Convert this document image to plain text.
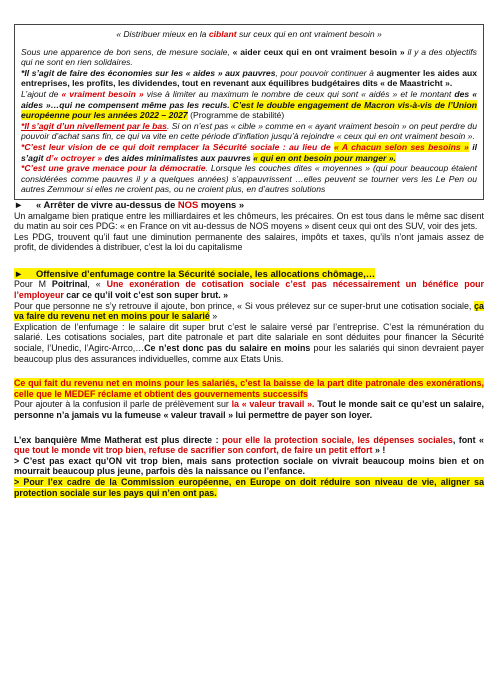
« Distribuer mieux en la ciblant sur ceux qui en ont vraiment besoin »

Sous une apparence de bon sens, de mesure sociale, « aider ceux qui en ont vraiment besoin » il y a des objectifs qui ne sont en rien solidaires.

*Il s’agit de faire des économies sur les « aides » aux pauvres, pour pouvoir continuer à augmenter les aides aux entreprises, les profits, les dividendes, tout en revenant aux équilibres budgétaires dits « de Maastricht ».

L’ajout de « vraiment besoin » vise à limiter au maximum le nombre de ceux qui sont « aidés » et le montant des « aides »…qui ne compensent même pas les reculs. C’est le double engagement de Macron vis-à-vis de l’Union européenne pour les années 2022 – 2027 (Programme de stabilité)

*Il s’agit d’un nivellement par le bas. Si on n’est pas « cible » comme en « ayant vraiment besoin » on peut perdre du pouvoir d’achat sans fin, ce qui va vite en cette période d’inflation jusqu’à rejoindre « ceux qui en ont vraiment besoin ».

*C’est leur vision de ce qui doit remplacer la Sécurité sociale : au lieu de « A chacun selon ses besoins » il s’agit d’« octroyer » des aides minimalistes aux pauvres « qui en ont besoin pour manger ».

*C’est une grave menace pour la démocratie. Lorsque les couches dites « moyennes » (qui pour beaucoup étaient considérées comme pauvres il y a quelques années) s’appauvrissent …elles peuvent se tourner vers les Le Pen ou autres Zemmour si elles ne croient pas, ou ne croient plus, en d’autres solutions

► « Arrêter de vivre au-dessus de NOS moyens »

Un amalgame bien pratique entre les milliardaires et les chômeurs, les précaires. On est tous dans le même sac disent du matin au soir ces PDG: « en France on vit au-dessus de NOS moyens » disent ceux qui ont des SUV, voir des jets.

Les PDG, trouvent qu’il faut une diminution permanente des salaires, impôts et taxes, qu’ils n’ont jamais assez de profit, de dividendes à distribuer, c’est la loi du capitalisme

► Offensive d’enfumage contre la Sécurité sociale, les allocations chômage,…

Pour M Poitrinal, « Une exonération de cotisation sociale c’est pas nécessairement un bénéfice pour l’employeur car ce qu’il voit c’est son super brut. »

Pour que personne ne s’y retrouve il ajoute, bon prince, « Si vous prélevez sur ce super-brut une cotisation sociale, ça va faire du revenu net en moins pour le salarié »

Explication de l’enfumage : le salaire dit super brut c’est le salaire versé par l’entreprise. C’est la rémunération du salarié. Les cotisations sociales, part dite patronale et part dite salariale en sont déduites pour financer la Sécurité sociale, l’Unedic, l’Agirc-Arrco,…Ce n’est donc pas du salaire en moins pour les salariés qui sinon devraient payer beaucoup plus des assurances individuelles, comme aux Etats Unis.

Ce qui fait du revenu net en moins pour les salariés, c’est la baisse de la part dite patronale des exonérations, celle que le MEDEF réclame et obtient des gouvernements successifs

Pour ajouter à la confusion il parle de prélèvement sur la « valeur travail ». Tout le monde sait ce qu’est un salaire, personne n’a jamais vu la fumeuse « valeur travail » lui permettre de payer son loyer.

L’ex banquière Mme Matherat est plus directe : pour elle la protection sociale, les dépenses sociales, font « que tout le monde vit trop bien, refuse de sacrifier son confort, de faire un petit effort » !

> C’est pas exact qu’ON vit trop bien, mais sans protection sociale on vivrait beaucoup moins bien et on mourrait beaucoup plus jeune, parfois dès la naissance ou l’enfance.

> Pour l’ex cadre de la Commission européenne, en Europe on doit réduire son niveau de vie, aligner sa protection sociale sur les pays qui n’en ont pas.
